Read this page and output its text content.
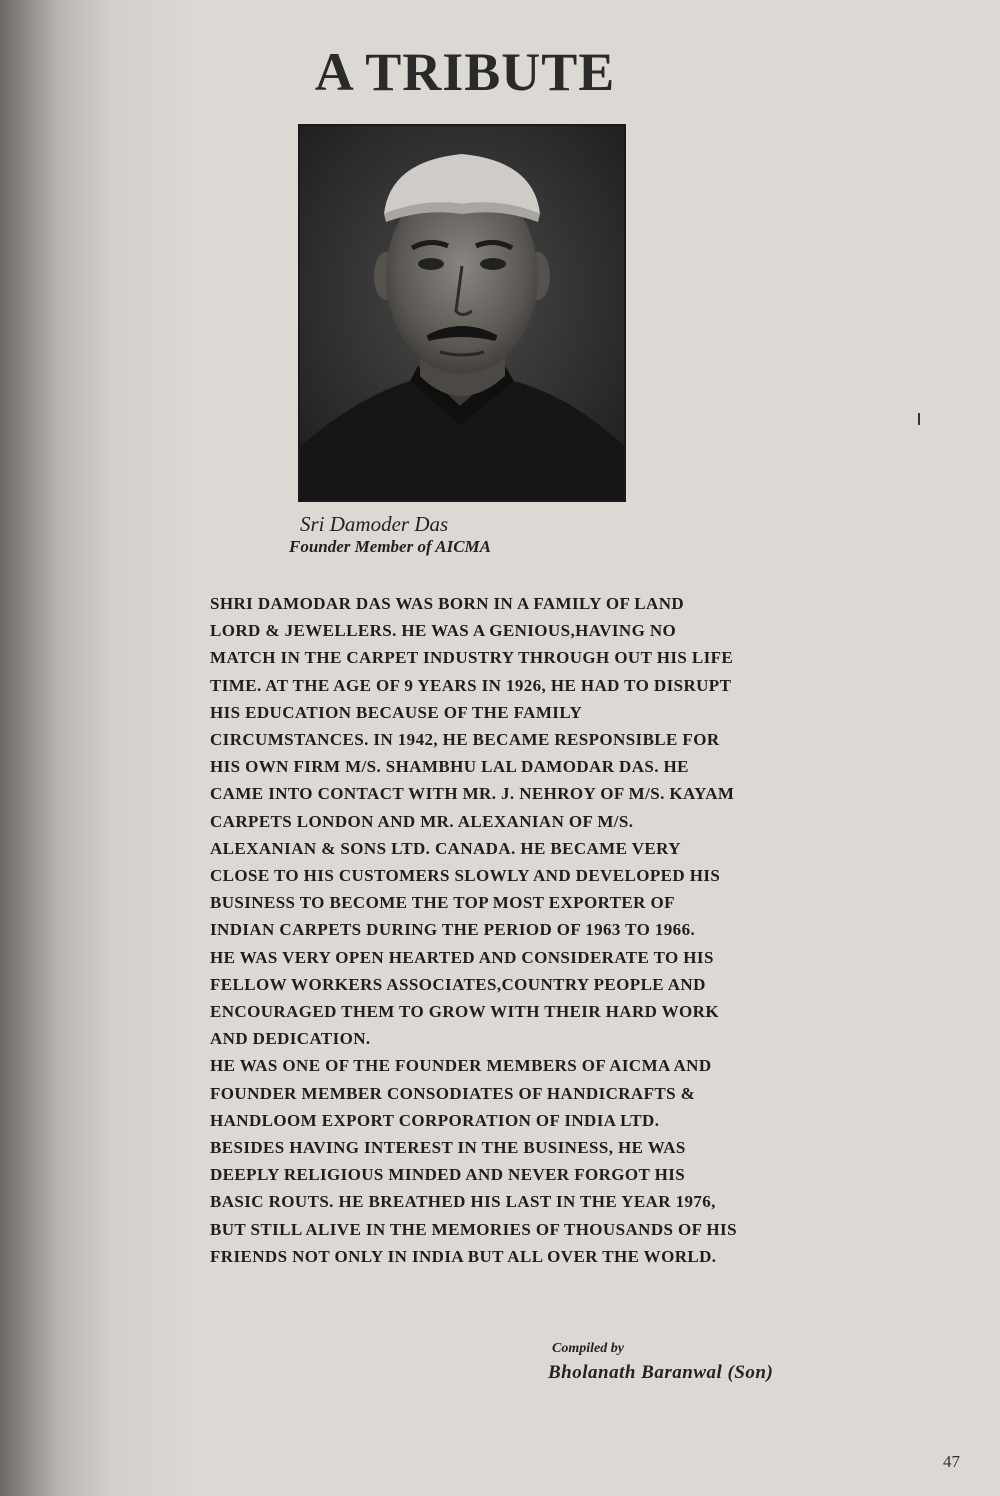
A TRIBUTE
Sri Damoder Das
Founder Member of AICMA
SHRI DAMODAR DAS WAS BORN IN A FAMILY OF LAND
LORD & JEWELLERS. HE WAS A GENIOUS,HAVING NO
MATCH IN THE CARPET INDUSTRY THROUGH OUT HIS LIFE
TIME. AT THE AGE OF 9 YEARS IN 1926, HE HAD TO DISRUPT
HIS EDUCATION BECAUSE OF THE FAMILY
CIRCUMSTANCES. IN 1942, HE BECAME RESPONSIBLE FOR
HIS OWN FIRM M/S. SHAMBHU LAL DAMODAR DAS. HE
CAME INTO CONTACT WITH MR. J. NEHROY OF M/S. KAYAM
CARPETS LONDON AND MR. ALEXANIAN OF M/S.
ALEXANIAN & SONS LTD. CANADA. HE BECAME VERY
CLOSE TO HIS CUSTOMERS SLOWLY AND DEVELOPED HIS
BUSINESS TO BECOME THE TOP MOST EXPORTER OF
INDIAN CARPETS DURING THE PERIOD OF 1963 TO 1966.
HE WAS VERY OPEN HEARTED AND CONSIDERATE TO HIS
FELLOW WORKERS ASSOCIATES,COUNTRY PEOPLE AND
ENCOURAGED THEM TO GROW WITH THEIR HARD WORK
AND DEDICATION.
HE WAS ONE OF THE FOUNDER MEMBERS OF AICMA AND
FOUNDER MEMBER CONSODIATES OF HANDICRAFTS &
HANDLOOM EXPORT CORPORATION OF INDIA LTD.
BESIDES HAVING INTEREST IN THE BUSINESS, HE WAS
DEEPLY RELIGIOUS MINDED AND NEVER FORGOT HIS
BASIC ROUTS. HE BREATHED HIS LAST IN THE YEAR 1976,
BUT STILL ALIVE IN THE MEMORIES OF THOUSANDS OF HIS
FRIENDS NOT ONLY IN INDIA BUT ALL OVER THE WORLD.
Compiled by
Bholanath Baranwal (Son)
47
